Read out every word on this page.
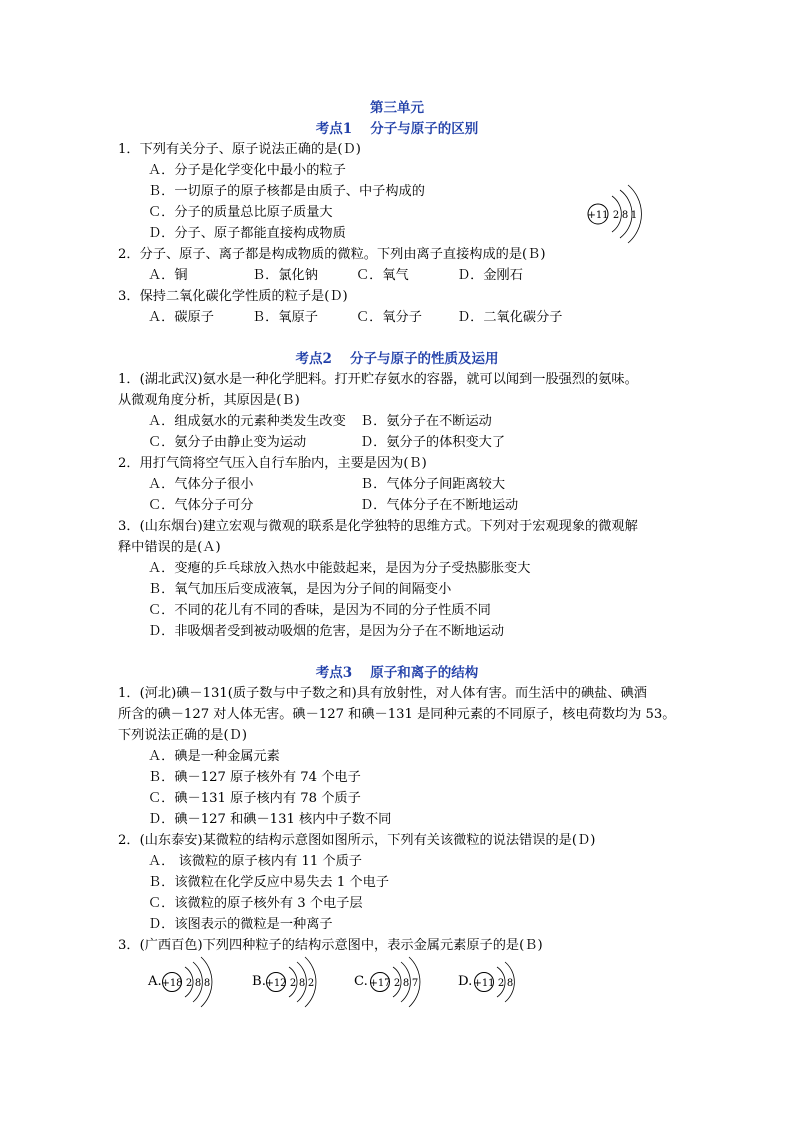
第三单元
考点1 分子与原子的区别
1．下列有关分子、原子说法正确的是(Ｄ)
Ａ．分子是化学变化中最小的粒子
Ｂ．一切原子的原子核都是由质子、中子构成的
Ｃ．分子的质量总比原子质量大
Ｄ．分子、原子都能直接构成物质
2．分子、原子、离子都是构成物质的微粒。下列由离子直接构成的是(Ｂ)
Ａ．铜	Ｂ．氯化钠	Ｃ．氧气	Ｄ．金刚石
3．保持二氧化碳化学性质的粒子是(Ｄ)
Ａ．碳原子	Ｂ．氧原子	Ｃ．氧分子	Ｄ．二氧化碳分子
+11 2 8 1
考点2 分子与原子的性质及运用
1．(湖北武汉)氨水是一种化学肥料。打开贮存氨水的容器，就可以闻到一股强烈的氨味。
从微观角度分析，其原因是(Ｂ)
Ａ．组成氨水的元素种类发生改变 Ｂ．氨分子在不断运动
Ｃ．氨分子由静止变为运动	Ｄ．氨分子的体积变大了
2．用打气筒将空气压入自行车胎内，主要是因为(Ｂ)
Ａ．气体分子很小	Ｂ．气体分子间距离较大
Ｃ．气体分子可分	Ｄ．气体分子在不断地运动
3．(山东烟台)建立宏观与微观的联系是化学独特的思维方式。下列对于宏观现象的微观解
释中错误的是(Ａ)
Ａ．变瘪的乒乓球放入热水中能鼓起来，是因为分子受热膨胀变大
Ｂ．氧气加压后变成液氧，是因为分子间的间隔变小
Ｃ．不同的花儿有不同的香味，是因为不同的分子性质不同
Ｄ．非吸烟者受到被动吸烟的危害，是因为分子在不断地运动
考点3 原子和离子的结构
1．(河北)碘－131(质子数与中子数之和)具有放射性，对人体有害。而生活中的碘盐、碘酒
所含的碘－127 对人体无害。碘－127 和碘－131 是同种元素的不同原子，核电荷数均为 53。
下列说法正确的是(Ｄ)
Ａ．碘是一种金属元素
Ｂ．碘－127 原子核外有 74 个电子
Ｃ．碘－131 原子核内有 78 个质子
Ｄ．碘－127 和碘－131 核内中子数不同
2．(山东泰安)某微粒的结构示意图如图所示，下列有关该微粒的说法错误的是(Ｄ)
Ａ． 该微粒的原子核内有 11 个质子
Ｂ．该微粒在化学反应中易失去 1 个电子
Ｃ．该微粒的原子核外有 3 个电子层
Ｄ．该图表示的微粒是一种离子
3．(广西百色)下列四种粒子的结构示意图中，表示金属元素原子的是(Ｂ)
A. +18 2 8 8	B. +12 2 8 2	C. +17 2 8 7	D. +11 2 8
